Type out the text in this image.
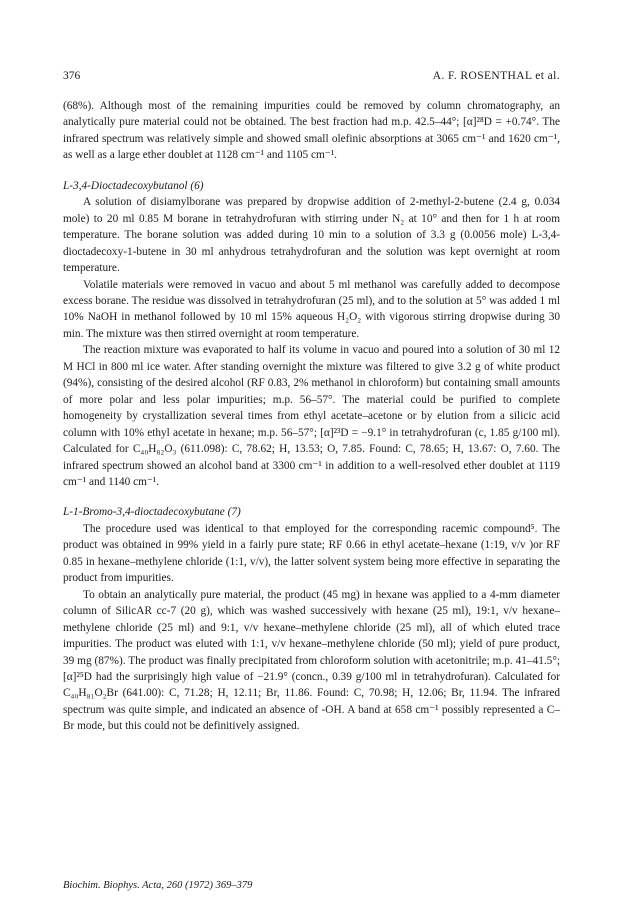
376	A. F. ROSENTHAL et al.

(68%). Although most of the remaining impurities could be removed by column chromatography, an analytically pure material could not be obtained. The best fraction had m.p. 42.5–44°; [α]²⁸D = +0.74°. The infrared spectrum was relatively simple and showed small olefinic absorptions at 3065 cm⁻¹ and 1620 cm⁻¹, as well as a large ether doublet at 1128 cm⁻¹ and 1105 cm⁻¹.

L-3,4-Dioctadecoxybutanol (6)

A solution of disiamylborane was prepared by dropwise addition of 2-methyl-2-butene (2.4 g, 0.034 mole) to 20 ml 0.85 M borane in tetrahydrofuran with stirring under N₂ at 10° and then for 1 h at room temperature. The borane solution was added during 10 min to a solution of 3.3 g (0.0056 mole) L-3,4-dioctadecoxy-1-butene in 30 ml anhydrous tetrahydrofuran and the solution was kept overnight at room temperature.

Volatile materials were removed in vacuo and about 5 ml methanol was carefully added to decompose excess borane. The residue was dissolved in tetrahydrofuran (25 ml), and to the solution at 5° was added 1 ml 10% NaOH in methanol followed by 10 ml 15% aqueous H₂O₂ with vigorous stirring dropwise during 30 min. The mixture was then stirred overnight at room temperature.

The reaction mixture was evaporated to half its volume in vacuo and poured into a solution of 30 ml 12 M HCl in 800 ml ice water. After standing overnight the mixture was filtered to give 3.2 g of white product (94%), consisting of the desired alcohol (RF 0.83, 2% methanol in chloroform) but containing small amounts of more polar and less polar impurities; m.p. 56–57°. The material could be purified to complete homogeneity by crystallization several times from ethyl acetate–acetone or by elution from a silicic acid column with 10% ethyl acetate in hexane; m.p. 56–57°; [α]²³D = −9.1° in tetrahydrofuran (c, 1.85 g/100 ml). Calculated for C₄₀H₈₂O₃ (611.098): C, 78.62; H, 13.53; O, 7.85. Found: C, 78.65; H, 13.67: O, 7.60. The infrared spectrum showed an alcohol band at 3300 cm⁻¹ in addition to a well-resolved ether doublet at 1119 cm⁻¹ and 1140 cm⁻¹.

L-1-Bromo-3,4-dioctadecoxybutane (7)

The procedure used was identical to that employed for the corresponding racemic compound⁵. The product was obtained in 99% yield in a fairly pure state; RF 0.66 in ethyl acetate–hexane (1:19, v/v )or RF 0.85 in hexane–methylene chloride (1:1, v/v), the latter solvent system being more effective in separating the product from impurities.

To obtain an analytically pure material, the product (45 mg) in hexane was applied to a 4-mm diameter column of SilicAR cc-7 (20 g), which was washed successively with hexane (25 ml), 19:1, v/v hexane–methylene chloride (25 ml) and 9:1, v/v hexane–methylene chloride (25 ml), all of which eluted trace impurities. The product was eluted with 1:1, v/v hexane–methylene chloride (50 ml); yield of pure product, 39 mg (87%). The product was finally precipitated from chloroform solution with acetonitrile; m.p. 41–41.5°; [α]²⁵D had the surprisingly high value of −21.9° (concn., 0.39 g/100 ml in tetrahydrofuran). Calculated for C₄₀H₈₁O₂Br (641.00): C, 71.28; H, 12.11; Br, 11.86. Found: C, 70.98; H, 12.06; Br, 11.94. The infrared spectrum was quite simple, and indicated an absence of -OH. A band at 658 cm⁻¹ possibly represented a C–Br mode, but this could not be definitively assigned.

Biochim. Biophys. Acta, 260 (1972) 369–379
